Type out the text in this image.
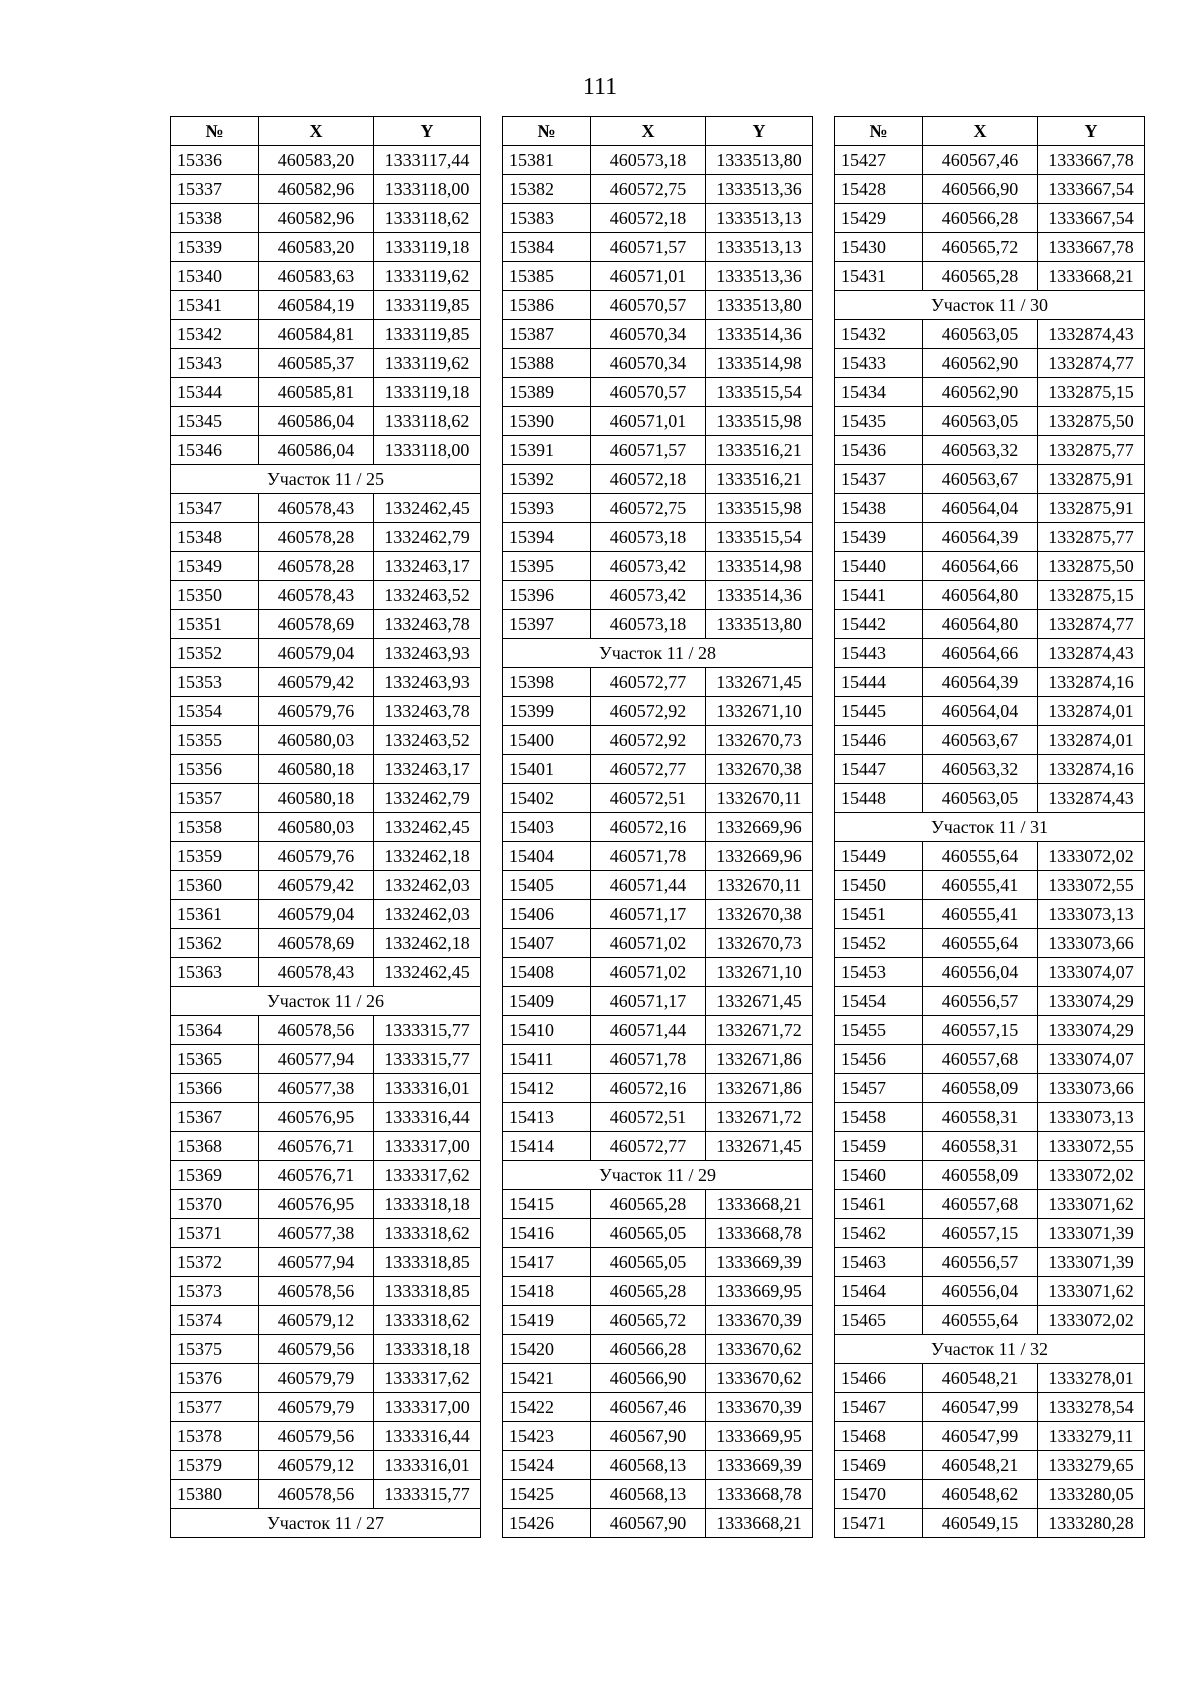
111
№	X	Y
15336	460583,20	1333117,44
15337	460582,96	1333118,00
15338	460582,96	1333118,62
15339	460583,20	1333119,18
15340	460583,63	1333119,62
15341	460584,19	1333119,85
15342	460584,81	1333119,85
15343	460585,37	1333119,62
15344	460585,81	1333119,18
15345	460586,04	1333118,62
15346	460586,04	1333118,00
Участок 11 / 25		
15347	460578,43	1332462,45
15348	460578,28	1332462,79
15349	460578,28	1332463,17
15350	460578,43	1332463,52
15351	460578,69	1332463,78
15352	460579,04	1332463,93
15353	460579,42	1332463,93
15354	460579,76	1332463,78
15355	460580,03	1332463,52
15356	460580,18	1332463,17
15357	460580,18	1332462,79
15358	460580,03	1332462,45
15359	460579,76	1332462,18
15360	460579,42	1332462,03
15361	460579,04	1332462,03
15362	460578,69	1332462,18
15363	460578,43	1332462,45
Участок 11 / 26		
15364	460578,56	1333315,77
15365	460577,94	1333315,77
15366	460577,38	1333316,01
15367	460576,95	1333316,44
15368	460576,71	1333317,00
15369	460576,71	1333317,62
15370	460576,95	1333318,18
15371	460577,38	1333318,62
15372	460577,94	1333318,85
15373	460578,56	1333318,85
15374	460579,12	1333318,62
15375	460579,56	1333318,18
15376	460579,79	1333317,62
15377	460579,79	1333317,00
15378	460579,56	1333316,44
15379	460579,12	1333316,01
15380	460578,56	1333315,77
Участок 11 / 27		
№	X	Y
15381	460573,18	1333513,80
15382	460572,75	1333513,36
15383	460572,18	1333513,13
15384	460571,57	1333513,13
15385	460571,01	1333513,36
15386	460570,57	1333513,80
15387	460570,34	1333514,36
15388	460570,34	1333514,98
15389	460570,57	1333515,54
15390	460571,01	1333515,98
15391	460571,57	1333516,21
15392	460572,18	1333516,21
15393	460572,75	1333515,98
15394	460573,18	1333515,54
15395	460573,42	1333514,98
15396	460573,42	1333514,36
15397	460573,18	1333513,80
Участок 11 / 28		
15398	460572,77	1332671,45
15399	460572,92	1332671,10
15400	460572,92	1332670,73
15401	460572,77	1332670,38
15402	460572,51	1332670,11
15403	460572,16	1332669,96
15404	460571,78	1332669,96
15405	460571,44	1332670,11
15406	460571,17	1332670,38
15407	460571,02	1332670,73
15408	460571,02	1332671,10
15409	460571,17	1332671,45
15410	460571,44	1332671,72
15411	460571,78	1332671,86
15412	460572,16	1332671,86
15413	460572,51	1332671,72
15414	460572,77	1332671,45
Участок 11 / 29		
15415	460565,28	1333668,21
15416	460565,05	1333668,78
15417	460565,05	1333669,39
15418	460565,28	1333669,95
15419	460565,72	1333670,39
15420	460566,28	1333670,62
15421	460566,90	1333670,62
15422	460567,46	1333670,39
15423	460567,90	1333669,95
15424	460568,13	1333669,39
15425	460568,13	1333668,78
15426	460567,90	1333668,21
№	X	Y
15427	460567,46	1333667,78
15428	460566,90	1333667,54
15429	460566,28	1333667,54
15430	460565,72	1333667,78
15431	460565,28	1333668,21
Участок 11 / 30		
15432	460563,05	1332874,43
15433	460562,90	1332874,77
15434	460562,90	1332875,15
15435	460563,05	1332875,50
15436	460563,32	1332875,77
15437	460563,67	1332875,91
15438	460564,04	1332875,91
15439	460564,39	1332875,77
15440	460564,66	1332875,50
15441	460564,80	1332875,15
15442	460564,80	1332874,77
15443	460564,66	1332874,43
15444	460564,39	1332874,16
15445	460564,04	1332874,01
15446	460563,67	1332874,01
15447	460563,32	1332874,16
15448	460563,05	1332874,43
Участок 11 / 31		
15449	460555,64	1333072,02
15450	460555,41	1333072,55
15451	460555,41	1333073,13
15452	460555,64	1333073,66
15453	460556,04	1333074,07
15454	460556,57	1333074,29
15455	460557,15	1333074,29
15456	460557,68	1333074,07
15457	460558,09	1333073,66
15458	460558,31	1333073,13
15459	460558,31	1333072,55
15460	460558,09	1333072,02
15461	460557,68	1333071,62
15462	460557,15	1333071,39
15463	460556,57	1333071,39
15464	460556,04	1333071,62
15465	460555,64	1333072,02
Участок 11 / 32		
15466	460548,21	1333278,01
15467	460547,99	1333278,54
15468	460547,99	1333279,11
15469	460548,21	1333279,65
15470	460548,62	1333280,05
15471	460549,15	1333280,28
